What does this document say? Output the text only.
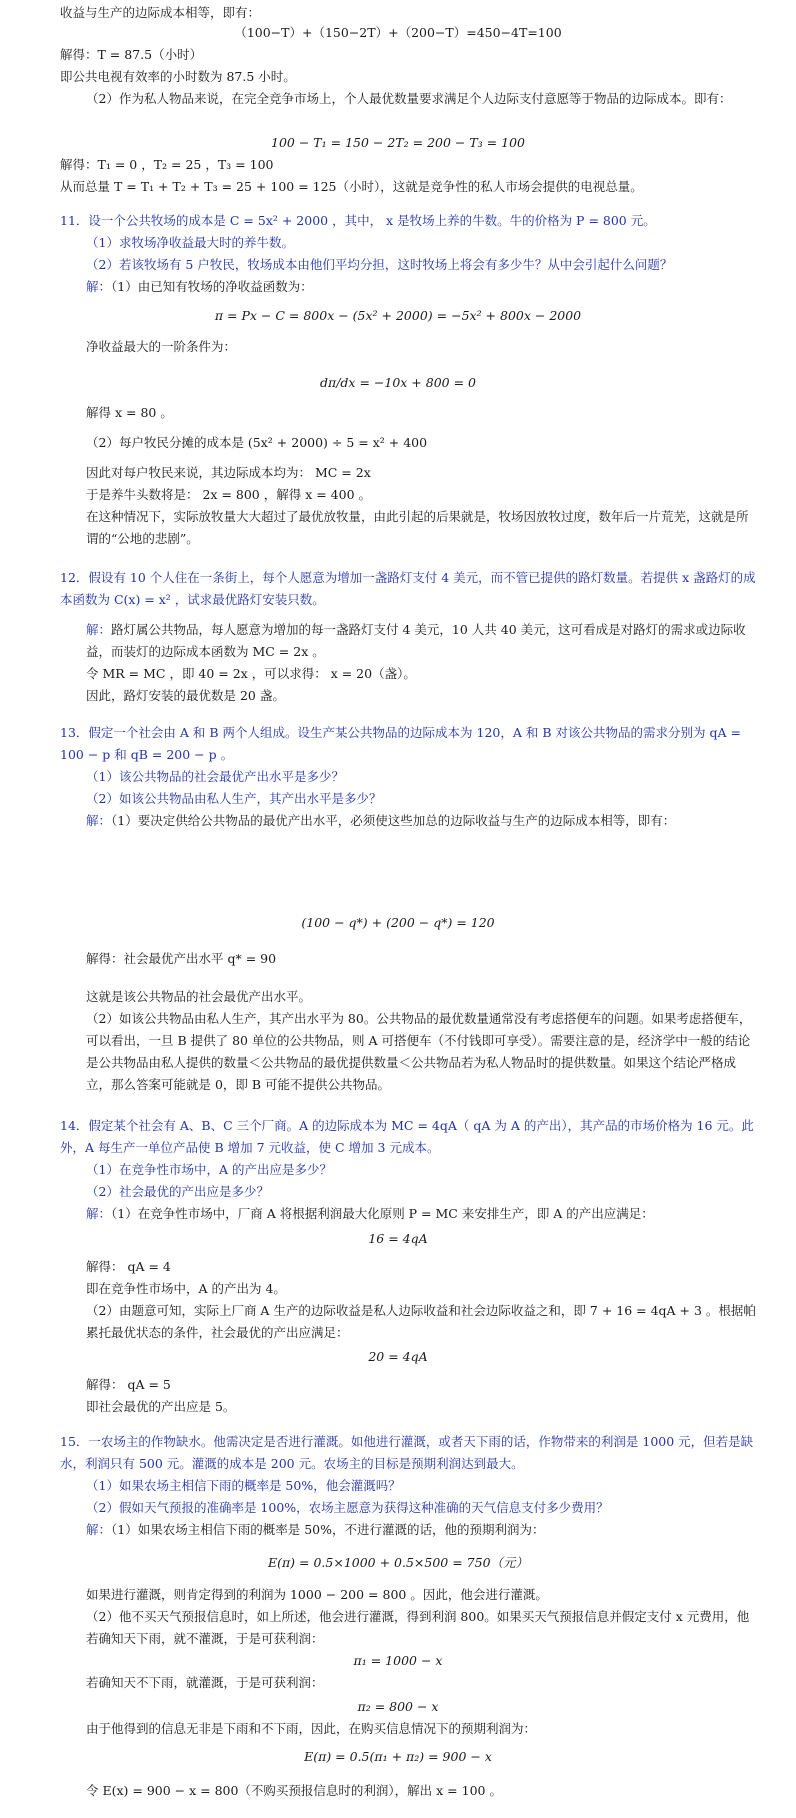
收益与生产的边际成本相等，即有：

（100−T）+（150−2T）+（200−T）=450−4T=100

解得：T = 87.5（小时）

即公共电视有效率的小时数为 87.5 小时。

（2）作为私人物品来说，在完全竞争市场上，个人最优数量要求满足个人边际支付意愿等于物品的边际成本。即有：

100 − T₁ = 150 − 2T₂ = 200 − T₃ = 100

解得：T₁ = 0 ，T₂ = 25 ，T₃ = 100

从而总量 T = T₁ + T₂ + T₃ = 25 + 100 = 125（小时），这就是竞争性的私人市场会提供的电视总量。

11．设一个公共牧场的成本是 C = 5x² + 2000 ，其中， x 是牧场上养的牛数。牛的价格为 P = 800 元。

（1）求牧场净收益最大时的养牛数。

（2）若该牧场有 5 户牧民，牧场成本由他们平均分担，这时牧场上将会有多少牛？从中会引起什么问题？

解：（1）由已知有牧场的净收益函数为：

π = Px − C = 800x − (5x² + 2000) = −5x² + 800x − 2000

净收益最大的一阶条件为：

dπ/dx = −10x + 800 = 0

解得 x = 80 。

（2）每户牧民分摊的成本是 (5x² + 2000) ÷ 5 = x² + 400

因此对每户牧民来说，其边际成本均为： MC = 2x

于是养牛头数将是： 2x = 800 ，解得 x = 400 。

在这种情况下，实际放牧量大大超过了最优放牧量，由此引起的后果就是，牧场因放牧过度，数年后一片荒芜，这就是所谓的“公地的悲剧”。

12．假设有 10 个人住在一条街上，每个人愿意为增加一盏路灯支付 4 美元，而不管已提供的路灯数量。若提供 x 盏路灯的成本函数为 C(x) = x² ，试求最优路灯安装只数。

解：路灯属公共物品，每人愿意为增加的每一盏路灯支付 4 美元，10 人共 40 美元，这可看成是对路灯的需求或边际收益，而装灯的边际成本函数为 MC = 2x 。

令 MR = MC ，即 40 = 2x ，可以求得： x = 20（盏）。

因此，路灯安装的最优数是 20 盏。

13．假定一个社会由 A 和 B 两个人组成。设生产某公共物品的边际成本为 120，A 和 B 对该公共物品的需求分别为 qA = 100 − p 和 qB = 200 − p 。

（1）该公共物品的社会最优产出水平是多少？

（2）如该公共物品由私人生产，其产出水平是多少？

解：（1）要决定供给公共物品的最优产出水平，必须使这些加总的边际收益与生产的边际成本相等，即有：

(100 − q*) + (200 − q*) = 120

解得：社会最优产出水平 q* = 90

这就是该公共物品的社会最优产出水平。

（2）如该公共物品由私人生产，其产出水平为 80。公共物品的最优数量通常没有考虑搭便车的问题。如果考虑搭便车，可以看出，一旦 B 提供了 80 单位的公共物品，则 A 可搭便车（不付钱即可享受）。需要注意的是，经济学中一般的结论是公共物品由私人提供的数量＜公共物品的最优提供数量＜公共物品若为私人物品时的提供数量。如果这个结论严格成立，那么答案可能就是 0，即 B 可能不提供公共物品。

14．假定某个社会有 A、B、C 三个厂商。A 的边际成本为 MC = 4qA（ qA 为 A 的产出），其产品的市场价格为 16 元。此外，A 每生产一单位产品使 B 增加 7 元收益，使 C 增加 3 元成本。

（1）在竞争性市场中，A 的产出应是多少？

（2）社会最优的产出应是多少？

解：（1）在竞争性市场中，厂商 A 将根据利润最大化原则 P = MC 来安排生产，即 A 的产出应满足：

16 = 4qA

解得： qA = 4

即在竞争性市场中，A 的产出为 4。

（2）由题意可知，实际上厂商 A 生产的边际收益是私人边际收益和社会边际收益之和，即 7 + 16 = 4qA + 3 。根据帕累托最优状态的条件，社会最优的产出应满足：

20 = 4qA

解得： qA = 5

即社会最优的产出应是 5。

15．一农场主的作物缺水。他需决定是否进行灌溉。如他进行灌溉，或者天下雨的话，作物带来的利润是 1000 元，但若是缺水，利润只有 500 元。灌溉的成本是 200 元。农场主的目标是预期利润达到最大。

（1）如果农场主相信下雨的概率是 50%，他会灌溉吗？

（2）假如天气预报的准确率是 100%，农场主愿意为获得这种准确的天气信息支付多少费用？

解：（1）如果农场主相信下雨的概率是 50%，不进行灌溉的话，他的预期利润为：

E(π) = 0.5×1000 + 0.5×500 = 750（元）

如果进行灌溉，则肯定得到的利润为 1000 − 200 = 800 。因此，他会进行灌溉。

（2）他不买天气预报信息时，如上所述，他会进行灌溉，得到利润 800。如果买天气预报信息并假定支付 x 元费用，他若确知天下雨，就不灌溉，于是可获利润：

π₁ = 1000 − x

若确知天不下雨，就灌溉，于是可获利润：

π₂ = 800 − x

由于他得到的信息无非是下雨和不下雨，因此，在购买信息情况下的预期利润为：

E(π) = 0.5(π₁ + π₂) = 900 − x

令 E(x) = 900 − x = 800（不购买预报信息时的利润），解出 x = 100 。
